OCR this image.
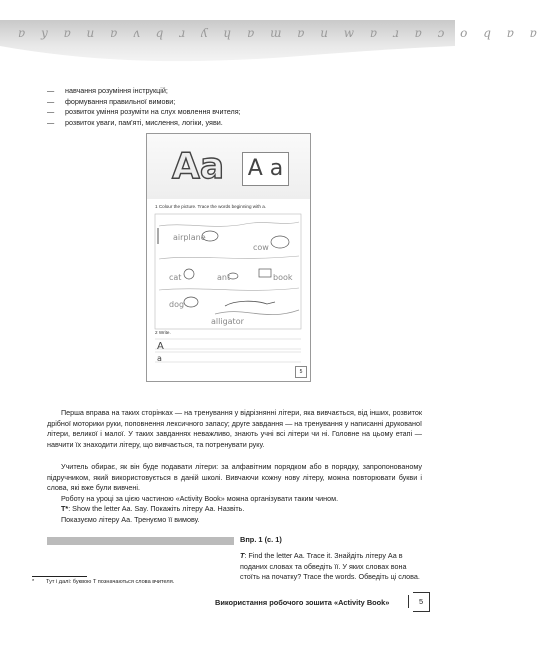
ɐ y ɐ u ɐ ʌ q ɹ ʎ ɥ ɐ ɯ ɐ u w ɐ ɹ ɐ ɔ o q ɐ ɐ
—	навчання розуміння інструкцій;
—	формування правильної вимови;
—	розвиток уміння розуміти на слух мовлення вчителя;
—	розвиток уваги, пам'яті, мислення, логіки, уяви.
Aa A a
1 Colour the picture. Trace the words beginning with a.
airplane
cow
cat	ant	book
dog
alligator
2 Write.
A
a
5
Перша вправа на таких сторінках — на тренування у відрізнянні літери, яка вивчається, від інших, розвиток дрібної моторики руки, поповнення лексичного запасу; друге завдання — на тренування у написанні друкованої літери, великої і малої. У таких завданнях неважливо, знають учні всі літери чи ні. Головне на цьому етапі — навчити їх знаходити літеру, що вивчається, та потренувати руку.
Учитель обирає, як він буде подавати літери: за алфавітним порядком або в порядку, запропонованому підручником, який використовується в даній школі. Вивчаючи кожну нову літеру, можна повторювати букви і слова, які вже були вивчені.
Роботу на уроці за цією частиною «Activity Book» можна організувати таким чином.
T*: Show the letter Aa. Say. Покажіть літеру Aa. Назвіть.
Показуємо літеру Aa. Тренуємо її вимову.
Впр. 1 (с. 1)
T: Find the letter Aa. Trace it. Знайдіть літеру Aa в поданих словах та обведіть її. У яких словах вона стоїть на початку? Trace the words. Обведіть ці слова.
* Тут і далі: буквою T позначаються слова вчителя.
Використання робочого зошита «Activity Book»	5
